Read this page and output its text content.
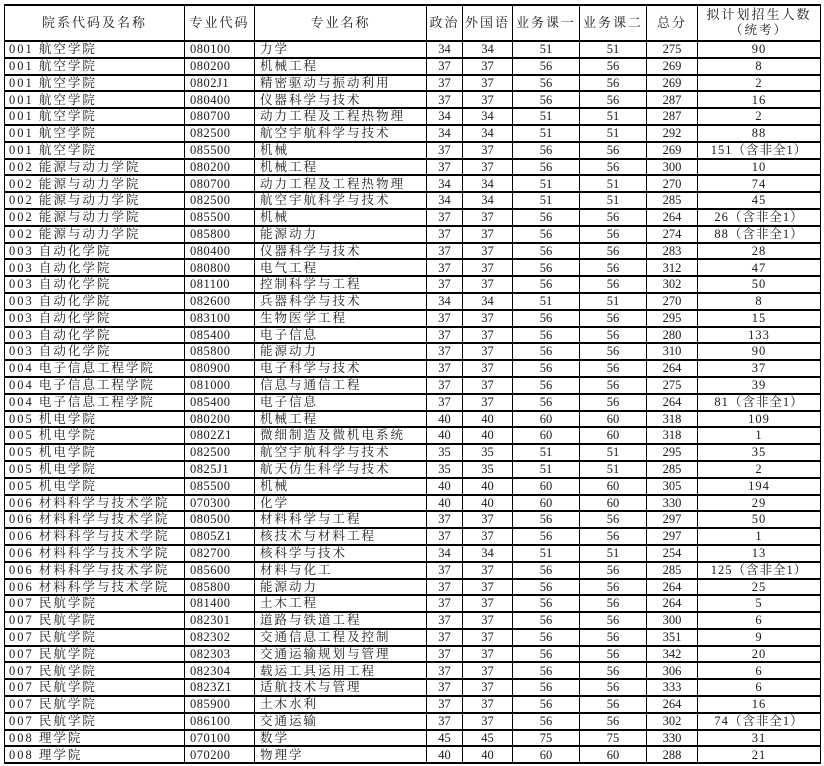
院系代码及名称	专业代码	专业名称	政治	外国语	业务课一	业务课二	总分	拟计划招生人数
（统考）

001 航空学院	080100	力学	34	34	51	51	275	90
001 航空学院	080200	机械工程	37	37	56	56	269	8
001 航空学院	0802J1	精密驱动与振动利用	37	37	56	56	269	2
001 航空学院	080400	仪器科学与技术	37	37	56	56	287	16
001 航空学院	080700	动力工程及工程热物理	34	34	51	51	287	2
001 航空学院	082500	航空宇航科学与技术	34	34	51	51	292	88
001 航空学院	085500	机械	37	37	56	56	269	151（含非全1）
002 能源与动力学院	080200	机械工程	37	37	56	56	300	10
002 能源与动力学院	080700	动力工程及工程热物理	34	34	51	51	270	74
002 能源与动力学院	082500	航空宇航科学与技术	34	34	51	51	285	45
002 能源与动力学院	085500	机械	37	37	56	56	264	26（含非全1）
002 能源与动力学院	085800	能源动力	37	37	56	56	274	88（含非全1）
003 自动化学院	080400	仪器科学与技术	37	37	56	56	283	28
003 自动化学院	080800	电气工程	37	37	56	56	312	47
003 自动化学院	081100	控制科学与工程	37	37	56	56	302	50
003 自动化学院	082600	兵器科学与技术	34	34	51	51	270	8
003 自动化学院	083100	生物医学工程	37	37	56	56	295	15
003 自动化学院	085400	电子信息	37	37	56	56	280	133
003 自动化学院	085800	能源动力	37	37	56	56	310	90
004 电子信息工程学院	080900	电子科学与技术	37	37	56	56	264	37
004 电子信息工程学院	081000	信息与通信工程	37	37	56	56	275	39
004 电子信息工程学院	085400	电子信息	37	37	56	56	264	81（含非全1）
005 机电学院	080200	机械工程	40	40	60	60	318	109
005 机电学院	0802Z1	微细制造及微机电系统	40	40	60	60	318	1
005 机电学院	082500	航空宇航科学与技术	35	35	51	51	295	35
005 机电学院	0825J1	航天仿生科学与技术	35	35	51	51	285	2
005 机电学院	085500	机械	40	40	60	60	305	194
006 材料科学与技术学院	070300	化学	40	40	60	60	330	29
006 材料科学与技术学院	080500	材料科学与工程	37	37	56	56	297	50
006 材料科学与技术学院	0805Z1	核技术与材料工程	37	37	56	56	297	1
006 材料科学与技术学院	082700	核科学与技术	34	34	51	51	254	13
006 材料科学与技术学院	085600	材料与化工	37	37	56	56	285	125（含非全1）
006 材料科学与技术学院	085800	能源动力	37	37	56	56	264	25
007 民航学院	081400	土木工程	37	37	56	56	264	5
007 民航学院	082301	道路与铁道工程	37	37	56	56	300	6
007 民航学院	082302	交通信息工程及控制	37	37	56	56	351	9
007 民航学院	082303	交通运输规划与管理	37	37	56	56	342	20
007 民航学院	082304	载运工具运用工程	37	37	56	56	306	6
007 民航学院	0823Z1	适航技术与管理	37	37	56	56	333	6
007 民航学院	085900	土木水利	37	37	56	56	264	16
007 民航学院	086100	交通运输	37	37	56	56	302	74（含非全1）
008 理学院	070100	数学	45	45	75	75	330	31
008 理学院	070200	物理学	40	40	60	60	288	21
